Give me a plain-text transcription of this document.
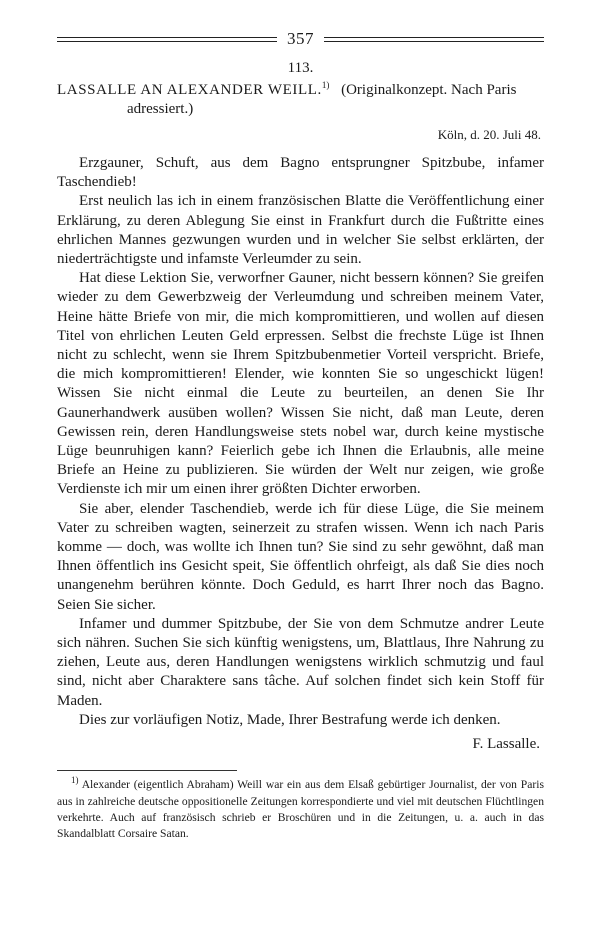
357
113.
LASSALLE AN ALEXANDER WEILL.$^{1)}$ (Originalkonzept. Nach Paris adressiert.)
Köln, d. 20. Juli 48.

Erzgauner, Schuft, aus dem Bagno entsprungner Spitzbube, infamer Taschendieb!

Erst neulich las ich in einem französischen Blatte die Veröffentlichung einer Erklärung, zu deren Ablegung Sie einst in Frankfurt durch die Fußtritte eines ehrlichen Mannes gezwungen wurden und in welcher Sie selbst erklärten, der niederträchtigste und infamste Verleumder zu sein.

Hat diese Lektion Sie, verworfner Gauner, nicht bessern können? Sie greifen wieder zu dem Gewerbzweig der Verleumdung und schreiben meinem Vater, Heine hätte Briefe von mir, die mich kompromittieren, und wollen auf diesen Titel von ehrlichen Leuten Geld erpressen. Selbst die frechste Lüge ist Ihnen nicht zu schlecht, wenn sie Ihrem Spitzbubenmetier Vorteil verspricht. Briefe, die mich kompromittieren! Elender, wie konnten Sie so ungeschickt lügen! Wissen Sie nicht einmal die Leute zu beurteilen, an denen Sie Ihr Gaunerhandwerk ausüben wollen? Wissen Sie nicht, daß man Leute, deren Gewissen rein, deren Handlungsweise stets nobel war, durch keine mystische Lüge beunruhigen kann? Feierlich gebe ich Ihnen die Erlaubnis, alle meine Briefe an Heine zu publizieren. Sie würden der Welt nur zeigen, wie große Verdienste ich mir um einen ihrer größten Dichter erworben.

Sie aber, elender Taschendieb, werde ich für diese Lüge, die Sie meinem Vater zu schreiben wagten, seinerzeit zu strafen wissen. Wenn ich nach Paris komme — doch, was wollte ich Ihnen tun? Sie sind zu sehr gewöhnt, daß man Ihnen öffentlich ins Gesicht speit, Sie öffentlich ohrfeigt, als daß Sie dies noch unangenehm berühren könnte. Doch Geduld, es harrt Ihrer noch das Bagno. Seien Sie sicher.

Infamer und dummer Spitzbube, der Sie von dem Schmutze andrer Leute sich nähren. Suchen Sie sich künftig wenigstens, um, Blattlaus, Ihre Nahrung zu ziehen, Leute aus, deren Handlungen wenigstens wirklich schmutzig und faul sind, nicht aber Charaktere sans tâche. Auf solchen findet sich kein Stoff für Maden.

Dies zur vorläufigen Notiz, Made, Ihrer Bestrafung werde ich denken.

F. Lassalle.

$^{1)}$ Alexander (eigentlich Abraham) Weill war ein aus dem Elsaß gebürtiger Journalist, der von Paris aus in zahlreiche deutsche oppositionelle Zeitungen korrespondierte und viel mit deutschen Flüchtlingen verkehrte. Auch auf französisch schrieb er Broschüren und in die Zeitungen, u. a. auch in das Skandalblatt Corsaire Satan.
